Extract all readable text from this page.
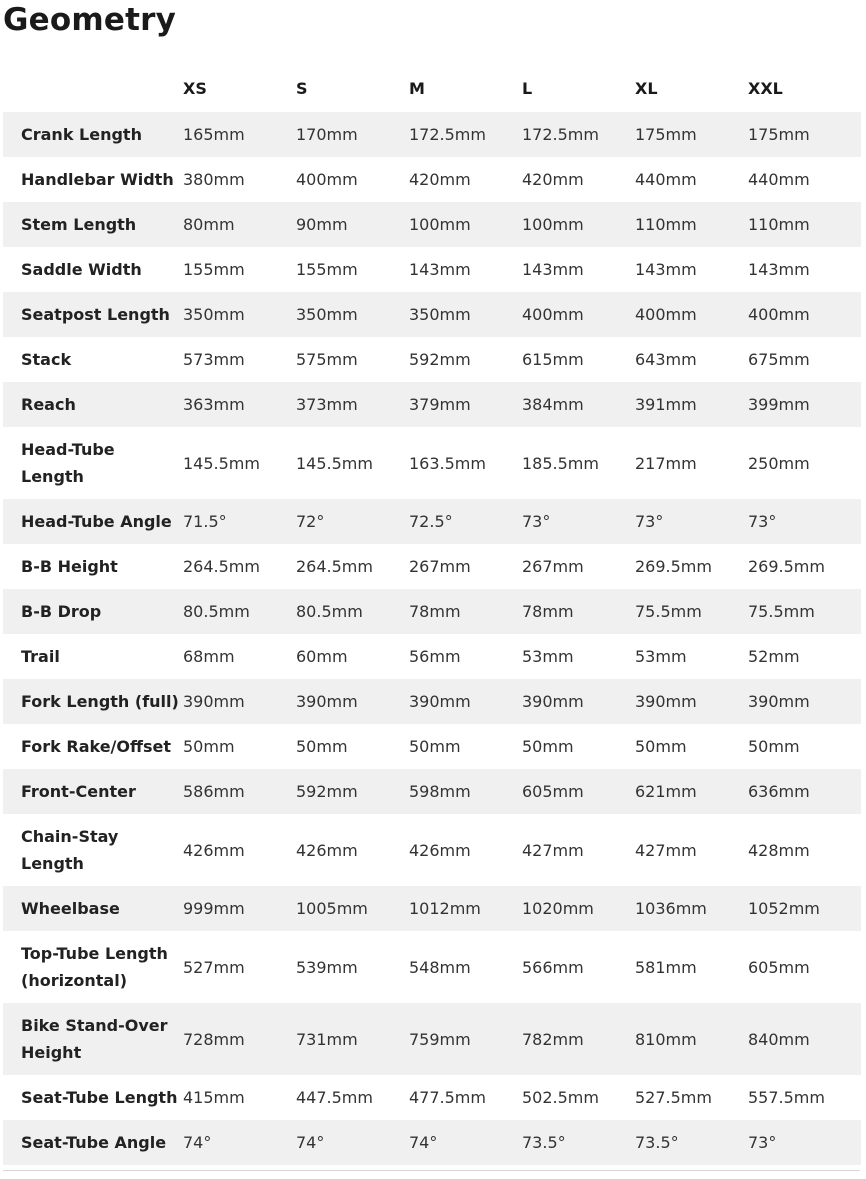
Geometry
	XS	S	M	L	XL	XXL
Crank Length	165mm	170mm	172.5mm	172.5mm	175mm	175mm
Handlebar Width	380mm	400mm	420mm	420mm	440mm	440mm
Stem Length	80mm	90mm	100mm	100mm	110mm	110mm
Saddle Width	155mm	155mm	143mm	143mm	143mm	143mm
Seatpost Length	350mm	350mm	350mm	400mm	400mm	400mm
Stack	573mm	575mm	592mm	615mm	643mm	675mm
Reach	363mm	373mm	379mm	384mm	391mm	399mm
Head-Tube
Length	145.5mm	145.5mm	163.5mm	185.5mm	217mm	250mm
Head-Tube Angle	71.5°	72°	72.5°	73°	73°	73°
B-B Height	264.5mm	264.5mm	267mm	267mm	269.5mm	269.5mm
B-B Drop	80.5mm	80.5mm	78mm	78mm	75.5mm	75.5mm
Trail	68mm	60mm	56mm	53mm	53mm	52mm
Fork Length (full)	390mm	390mm	390mm	390mm	390mm	390mm
Fork Rake/Offset	50mm	50mm	50mm	50mm	50mm	50mm
Front-Center	586mm	592mm	598mm	605mm	621mm	636mm
Chain-Stay
Length	426mm	426mm	426mm	427mm	427mm	428mm
Wheelbase	999mm	1005mm	1012mm	1020mm	1036mm	1052mm
Top-Tube Length
(horizontal)	527mm	539mm	548mm	566mm	581mm	605mm
Bike Stand-Over
Height	728mm	731mm	759mm	782mm	810mm	840mm
Seat-Tube Length	415mm	447.5mm	477.5mm	502.5mm	527.5mm	557.5mm
Seat-Tube Angle	74°	74°	74°	73.5°	73.5°	73°
